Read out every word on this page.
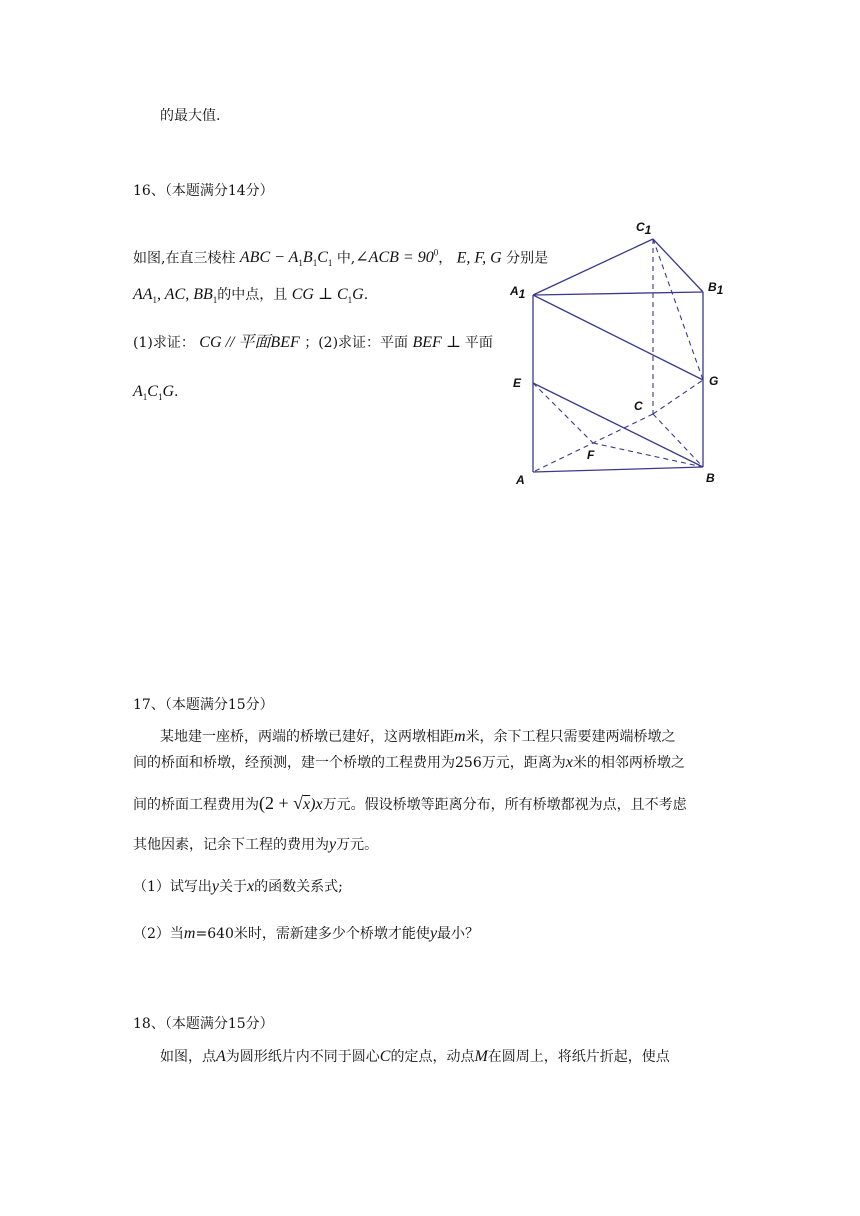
的最大值.
16、（本题满分14分）
如图,在直三棱柱 ABC − $A_1B_1C_1$ 中,∠ACB = $90^0$， E, F, G 分别是
$AA_1$, AC, $BB_1$的中点，且 CG ⊥ $C_1G$.
(1)求证： CG // 平面BEF ；(2)求证：平面 BEF ⊥ 平面
$A_1C_1G$.
C1
B1
A1
E	G
C
F
A	B
17、（本题满分15分）
某地建一座桥，两端的桥墩已建好，这两墩相距m米，余下工程只需要建两端桥墩之
间的桥面和桥墩，经预测，建一个桥墩的工程费用为256万元，距离为x米的相邻两桥墩之
间的桥面工程费用为(2 + √x)x万元。假设桥墩等距离分布，所有桥墩都视为点，且不考虑
其他因素，记余下工程的费用为y万元。
（1）试写出y关于x的函数关系式;
（2）当m=640米时，需新建多少个桥墩才能使y最小？
18、（本题满分15分）
如图，点A为圆形纸片内不同于圆心C的定点，动点M在圆周上，将纸片折起，使点
